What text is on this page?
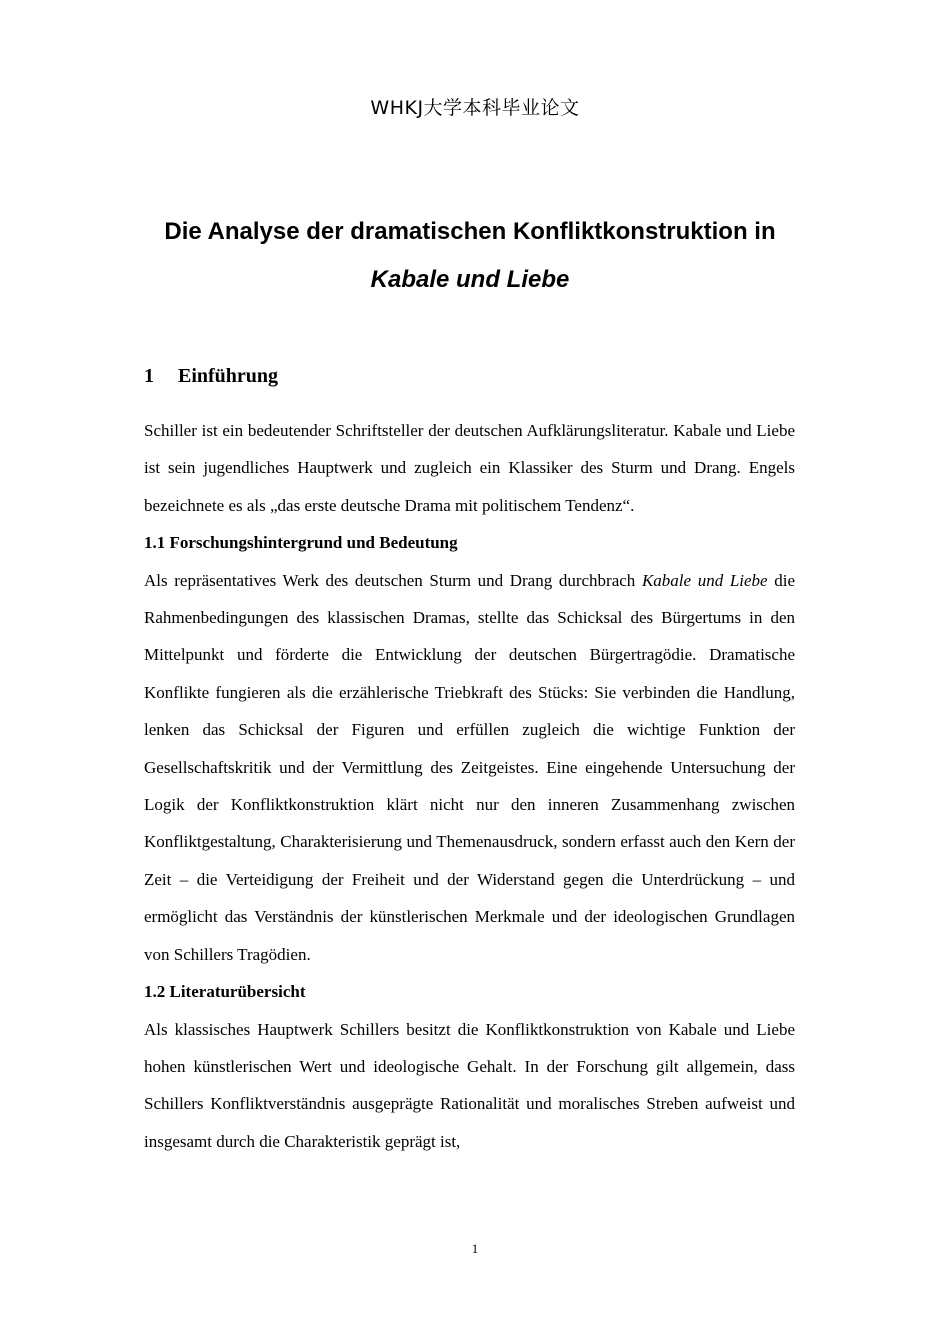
WHKJ大学本科毕业论文
Die Analyse der dramatischen Konfliktkonstruktion in
Kabale und Liebe
1 Einführung

Schiller ist ein bedeutender Schriftsteller der deutschen Aufklärungsliteratur. Kabale und Liebe ist sein jugendliches Hauptwerk und zugleich ein Klassiker des Sturm und Drang. Engels bezeichnete es als „das erste deutsche Drama mit politischem Tendenz“.

1.1 Forschungshintergrund und Bedeutung

Als repräsentatives Werk des deutschen Sturm und Drang durchbrach Kabale und Liebe die Rahmenbedingungen des klassischen Dramas, stellte das Schicksal des Bürgertums in den Mittelpunkt und förderte die Entwicklung der deutschen Bürgertragödie. Dramatische Konflikte fungieren als die erzählerische Triebkraft des Stücks: Sie verbinden die Handlung, lenken das Schicksal der Figuren und erfüllen zugleich die wichtige Funktion der Gesellschaftskritik und der Vermittlung des Zeitgeistes. Eine eingehende Untersuchung der Logik der Konfliktkonstruktion klärt nicht nur den inneren Zusammenhang zwischen Konfliktgestaltung, Charakterisierung und Themenausdruck, sondern erfasst auch den Kern der Zeit – die Verteidigung der Freiheit und der Widerstand gegen die Unterdrückung – und ermöglicht das Verständnis der künstlerischen Merkmale und der ideologischen Grundlagen von Schillers Tragödien.

1.2 Literaturübersicht

Als klassisches Hauptwerk Schillers besitzt die Konfliktkonstruktion von Kabale und Liebe hohen künstlerischen Wert und ideologische Gehalt. In der Forschung gilt allgemein, dass Schillers Konfliktverständnis ausgeprägte Rationalität und moralisches Streben aufweist und insgesamt durch die Charakteristik geprägt ist,

1
